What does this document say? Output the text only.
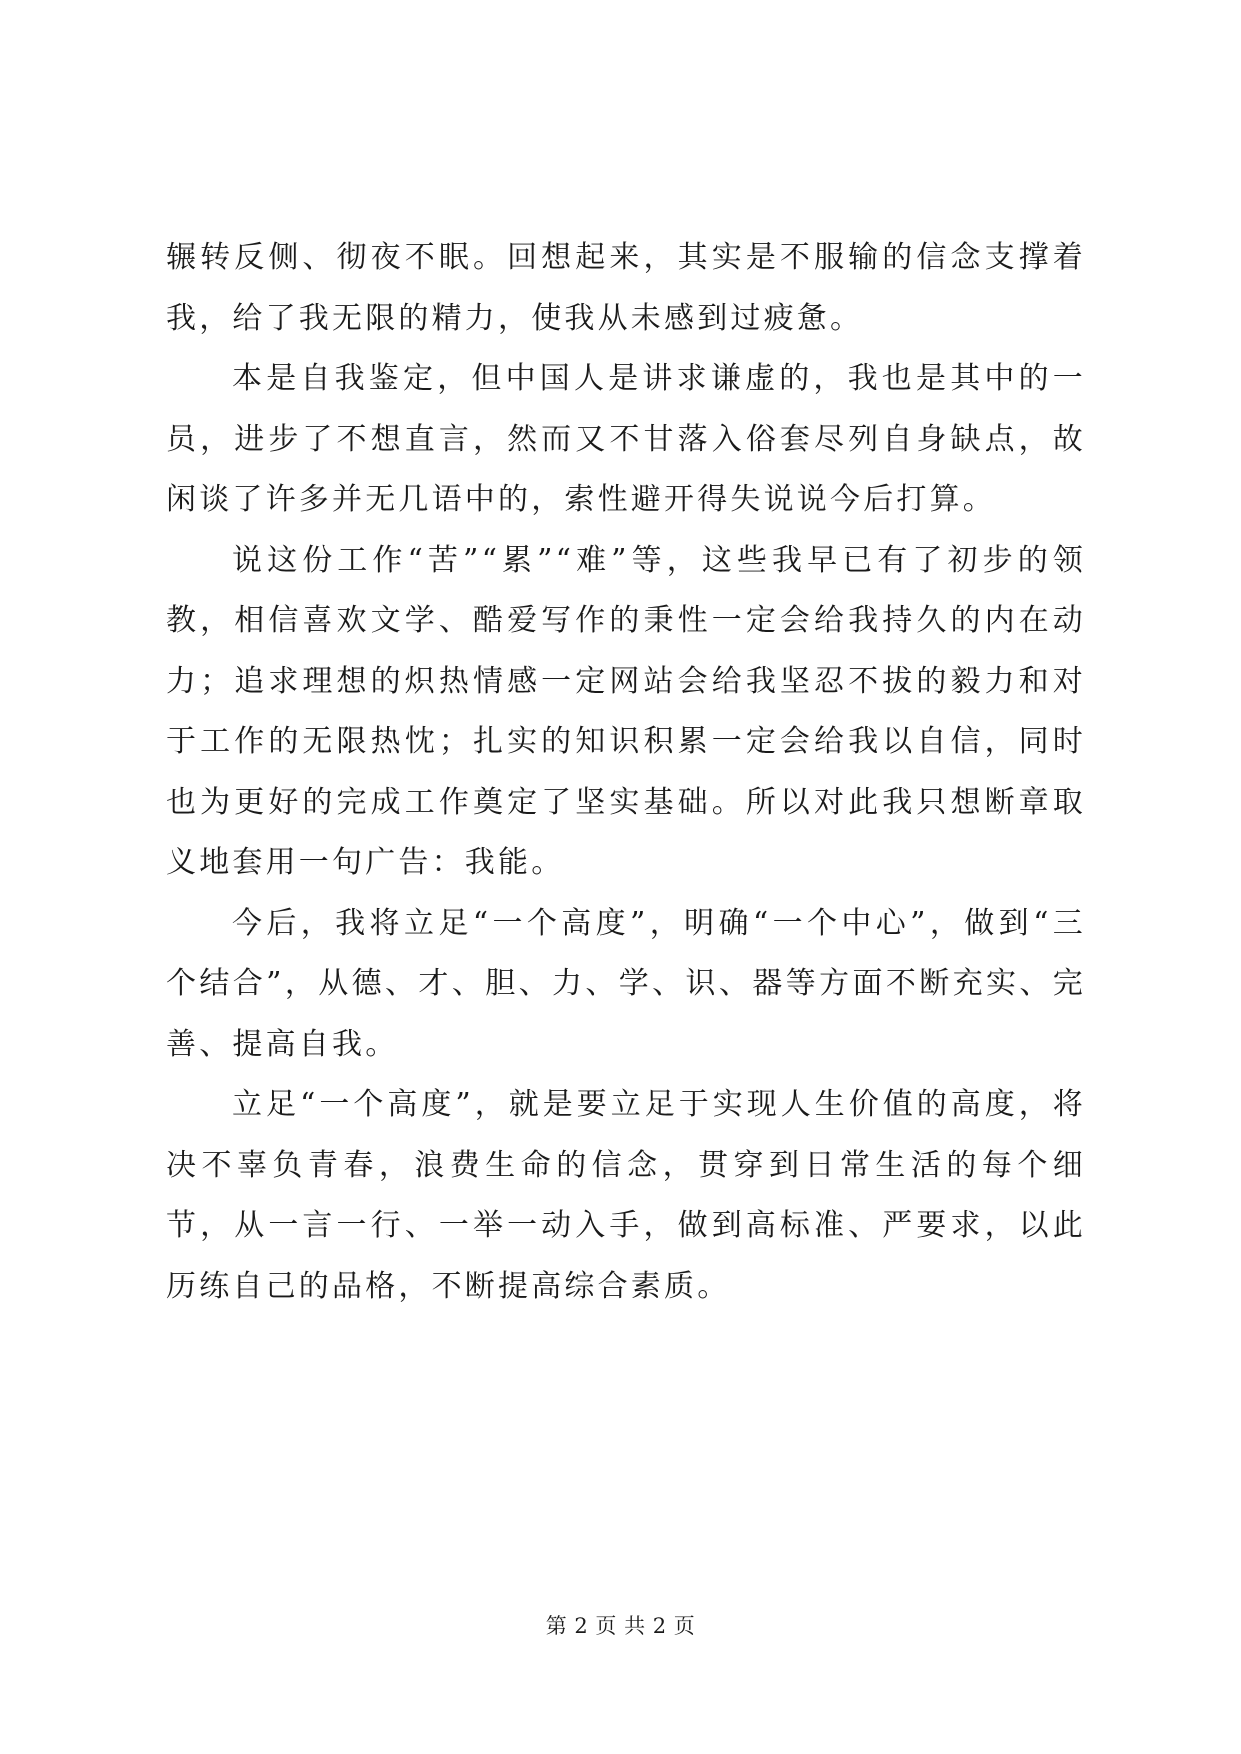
辗转反侧、彻夜不眠。回想起来，其实是不服输的信念支撑着我，给了我无限的精力，使我从未感到过疲惫。

本是自我鉴定，但中国人是讲求谦虚的，我也是其中的一员，进步了不想直言，然而又不甘落入俗套尽列自身缺点，故闲谈了许多并无几语中的，索性避开得失说说今后打算。

说这份工作“苦”“累”“难”等，这些我早已有了初步的领教，相信喜欢文学、酷爱写作的秉性一定会给我持久的内在动力；追求理想的炽热情感一定网站会给我坚忍不拔的毅力和对于工作的无限热忱；扎实的知识积累一定会给我以自信，同时也为更好的完成工作奠定了坚实基础。所以对此我只想断章取义地套用一句广告：我能。

今后，我将立足“一个高度”，明确“一个中心”，做到“三个结合”，从德、才、胆、力、学、识、器等方面不断充实、完善、提高自我。

立足“一个高度”，就是要立足于实现人生价值的高度，将决不辜负青春，浪费生命的信念，贯穿到日常生活的每个细节，从一言一行、一举一动入手，做到高标准、严要求，以此历练自己的品格，不断提高综合素质。

第 2 页 共 2 页
